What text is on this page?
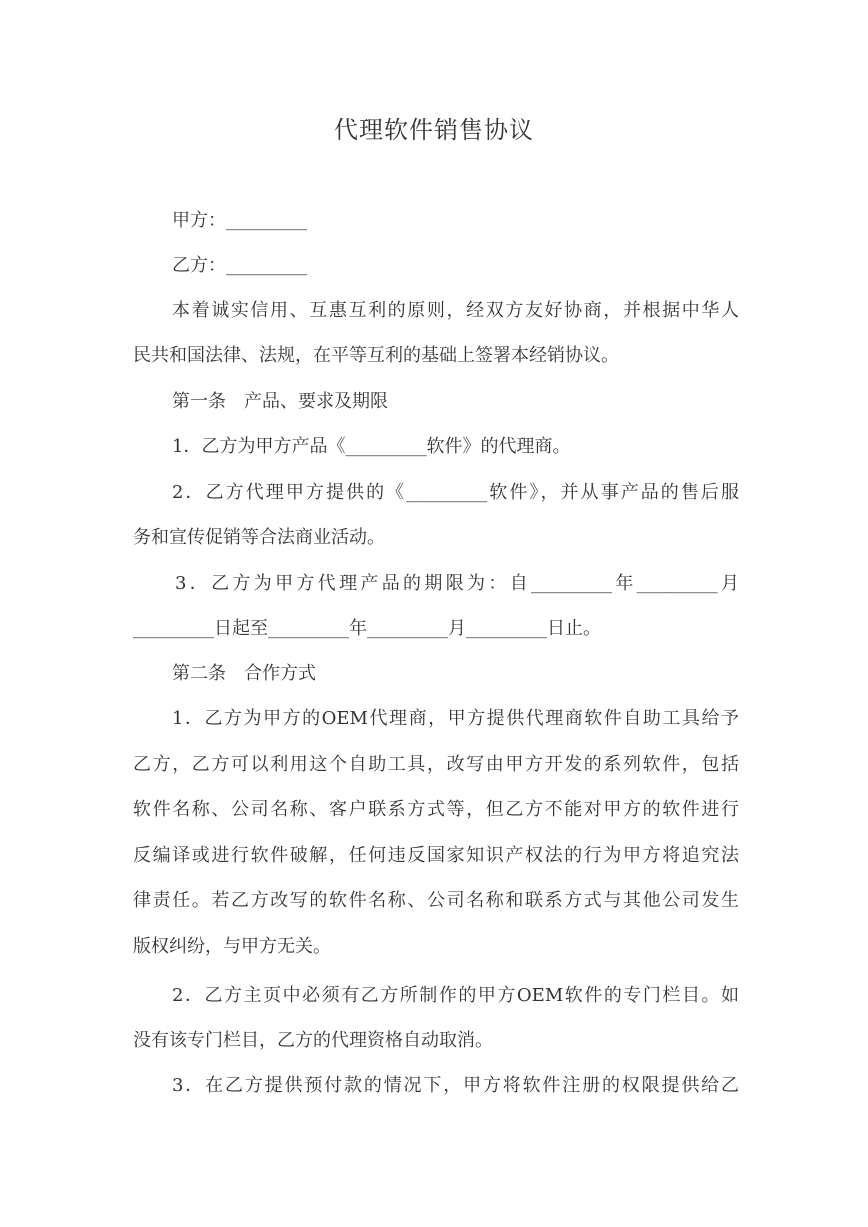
代理软件销售协议
甲方：_________
乙方：_________
本着诚实信用、互惠互利的原则，经双方友好协商，并根据中华人
民共和国法律、法规，在平等互利的基础上签署本经销协议。
第一条　产品、要求及期限
1．乙方为甲方产品《_________软件》的代理商。
2．乙方代理甲方提供的《_________软件》，并从事产品的售后服
务和宣传促销等合法商业活动。
3．乙方为甲方代理产品的期限为：自_________年_________月
_________日起至_________年_________月_________日止。
第二条　合作方式
1．乙方为甲方的OEM代理商，甲方提供代理商软件自助工具给予
乙方，乙方可以利用这个自助工具，改写由甲方开发的系列软件，包括
软件名称、公司名称、客户联系方式等，但乙方不能对甲方的软件进行
反编译或进行软件破解，任何违反国家知识产权法的行为甲方将追究法
律责任。若乙方改写的软件名称、公司名称和联系方式与其他公司发生
版权纠纷，与甲方无关。
2．乙方主页中必须有乙方所制作的甲方OEM软件的专门栏目。如
没有该专门栏目，乙方的代理资格自动取消。
3．在乙方提供预付款的情况下，甲方将软件注册的权限提供给乙
